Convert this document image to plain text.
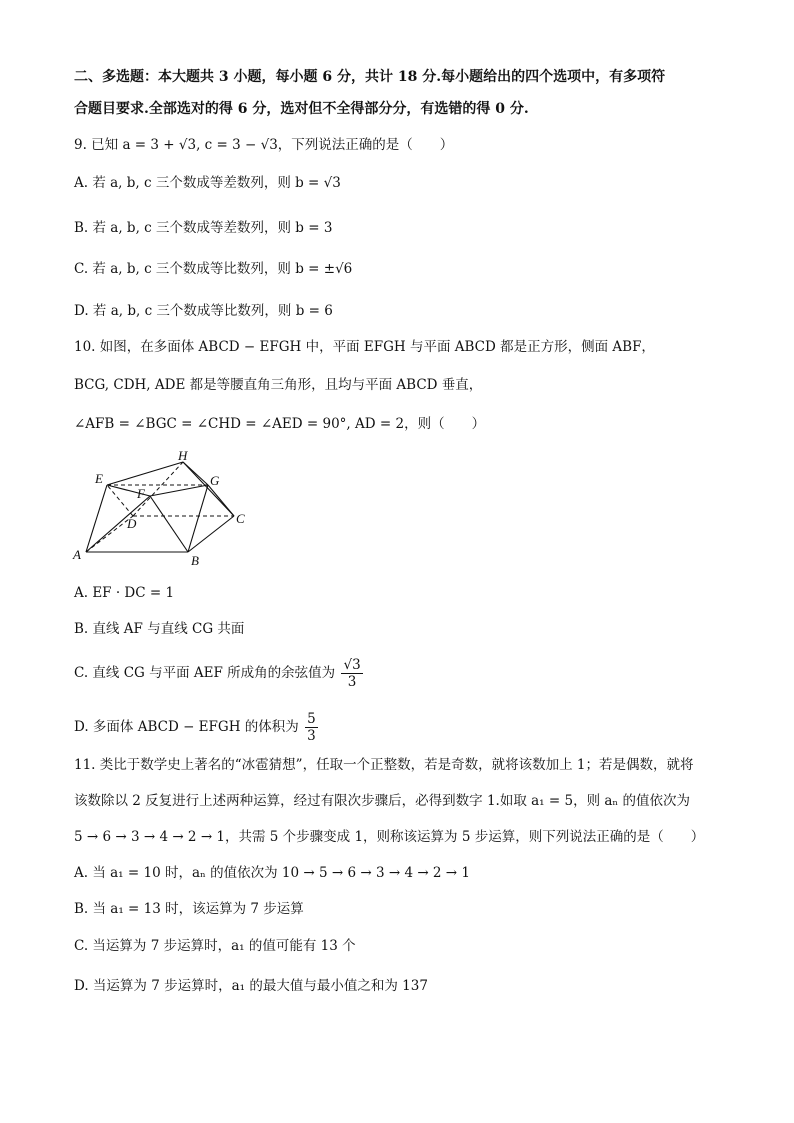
二、多选题：本大题共 3 小题，每小题 6 分，共计 18 分.每小题给出的四个选项中，有多项符
合题目要求.全部选对的得 6 分，选对但不全得部分分，有选错的得 0 分.
9. 已知 a = 3 + √3, c = 3 − √3，下列说法正确的是（　　）
A. 若 a, b, c 三个数成等差数列，则 b = √3
B. 若 a, b, c 三个数成等差数列，则 b = 3
C. 若 a, b, c 三个数成等比数列，则 b = ±√6
D. 若 a, b, c 三个数成等比数列，则 b = 6
10. 如图，在多面体 ABCD − EFGH 中，平面 EFGH 与平面 ABCD 都是正方形，侧面 ABF，
BCG, CDH, ADE 都是等腰直角三角形，且均与平面 ABCD 垂直，
∠AFB = ∠BGC = ∠CHD = ∠AED = 90°, AD = 2，则（　　）
A	B
C
D
E
F
G
H
A. EF · DC = 1
B. 直线 AF 与直线 CG 共面
C. 直线 CG 与平面 AEF 所成角的余弦值为 $\frac{√3}{3}$
D. 多面体 ABCD − EFGH 的体积为 $\frac{5}{3}$
11. 类比于数学史上著名的“冰雹猜想”，任取一个正整数，若是奇数，就将该数加上 1；若是偶数，就将
该数除以 2 反复进行上述两种运算，经过有限次步骤后，必得到数字 1.如取 a₁ = 5，则 aₙ 的值依次为
5 → 6 → 3 → 4 → 2 → 1，共需 5 个步骤变成 1，则称该运算为 5 步运算，则下列说法正确的是（　　）
A. 当 a₁ = 10 时，aₙ 的值依次为 10 → 5 → 6 → 3 → 4 → 2 → 1
B. 当 a₁ = 13 时，该运算为 7 步运算
C. 当运算为 7 步运算时，a₁ 的值可能有 13 个
D. 当运算为 7 步运算时，a₁ 的最大值与最小值之和为 137
